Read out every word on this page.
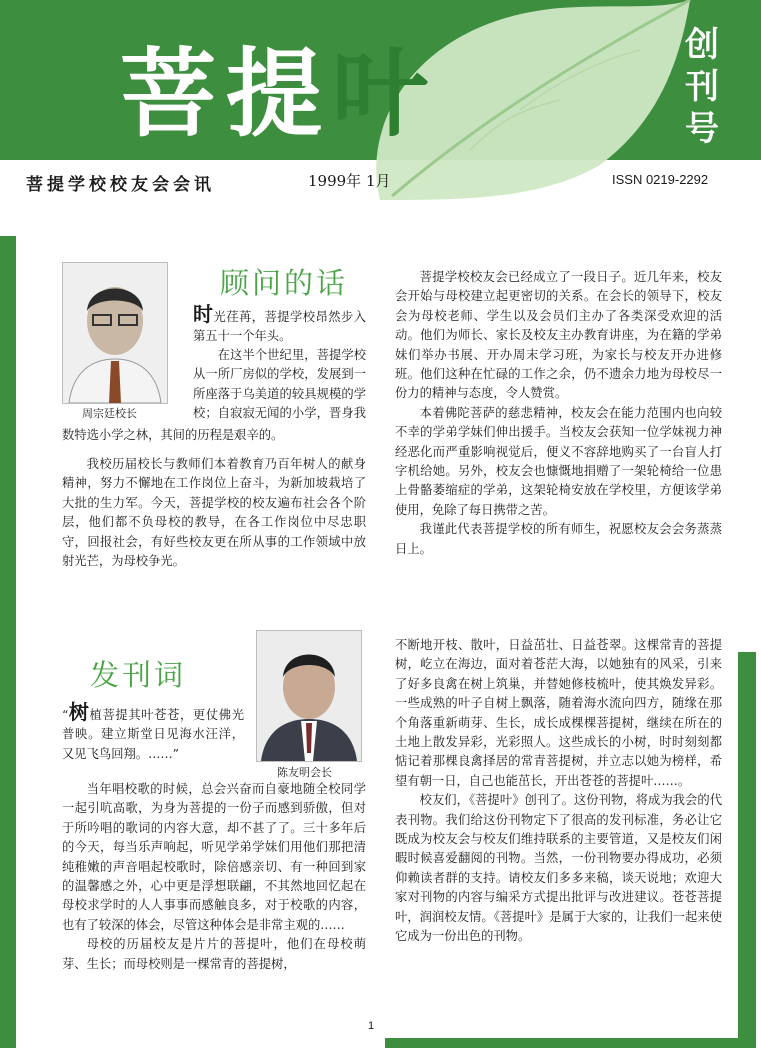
菩提叶	创
刊
号
菩提学校校友会会讯	1999年 1月	ISSN 0219-2292
周宗廷校长
顾问的话

时光荏苒，菩提学校昂然步入第五十一个年头。

在这半个世纪里，菩提学校从一所厂房似的学校，发展到一所座落于乌美道的较具规模的学校；自寂寂无闻的小学，晋身我

数特选小学之林，其间的历程是艰辛的。

我校历届校长与教师们本着教育乃百年树人的献身精神，努力不懈地在工作岗位上奋斗，为新加坡栽培了大批的生力军。今天，菩提学校的校友遍布社会各个阶层，他们都不负母校的教导，在各工作岗位中尽忠职守，回报社会，有好些校友更在所从事的工作领域中放射光芒，为母校争光。

菩提学校校友会已经成立了一段日子。近几年来，校友会开始与母校建立起更密切的关系。在会长的领导下，校友会为母校老师、学生以及会员们主办了各类深受欢迎的活动。他们为师长、家长及校友主办教育讲座，为在籍的学弟妹们举办书展、开办周末学习班，为家长与校友开办进修班。他们这种在忙碌的工作之余，仍不遗余力地为母校尽一份力的精神与态度，令人赞赏。

本着佛陀菩萨的慈悲精神，校友会在能力范围内也向较不幸的学弟学妹们伸出援手。当校友会获知一位学妹视力神经恶化而严重影响视觉后，便义不容辞地购买了一台盲人打字机给她。另外，校友会也慷慨地捐赠了一架轮椅给一位患上骨骼萎缩症的学弟，这架轮椅安放在学校里，方便该学弟使用，免除了每日携带之苦。

我谨此代表菩提学校的所有师生，祝愿校友会会务蒸蒸日上。

发刊词
陈友明会长

“树植菩提其叶苍苍，更仗佛光普映。建立斯堂日见海水汪洋，又见飞鸟回翔。……”

当年唱校歌的时候，总会兴奋而自豪地随全校同学一起引吭高歌，为身为菩提的一份子而感到骄傲，但对于所吟唱的歌词的内容大意，却不甚了了。三十多年后的今天，每当乐声响起，听见学弟学妹们用他们那把清纯稚嫩的声音唱起校歌时，除倍感亲切、有一种回到家的温馨感之外，心中更是浮想联翩，不其然地回忆起在母校求学时的人人事事而感触良多，对于校歌的内容，也有了较深的体会，尽管这种体会是非常主观的……

母校的历届校友是片片的菩提叶，他们在母校萌芽、生长；而母校则是一棵常青的菩提树，

不断地开枝、散叶，日益茁壮、日益苍翠。这棵常青的菩提树，屹立在海边，面对着苍茫大海，以她独有的风采，引来了好多良禽在树上筑巢，并替她修枝梳叶，使其焕发异彩。一些成熟的叶子自树上飘落，随着海水流向四方，随缘在那个角落重新萌芽、生长，成长成棵棵菩提树，继续在所在的土地上散发异彩，光彩照人。这些成长的小树，时时刻刻都惦记着那棵良禽择居的常青菩提树，并立志以她为榜样，希望有朝一日，自己也能茁长，开出苍苍的菩提叶……。

校友们，《菩提叶》创刊了。这份刊物，将成为我会的代表刊物。我们给这份刊物定下了很高的发刊标准，务必让它既成为校友会与校友们维持联系的主要管道，又是校友们闲暇时候喜爱翻阅的刊物。当然，一份刊物要办得成功，必须仰赖读者群的支持。请校友们多多来稿，谈天说地；欢迎大家对刊物的内容与编采方式提出批评与改进建议。苍苍菩提叶，润润校友情。《菩提叶》是属于大家的，让我们一起来使它成为一份出色的刊物。

1
